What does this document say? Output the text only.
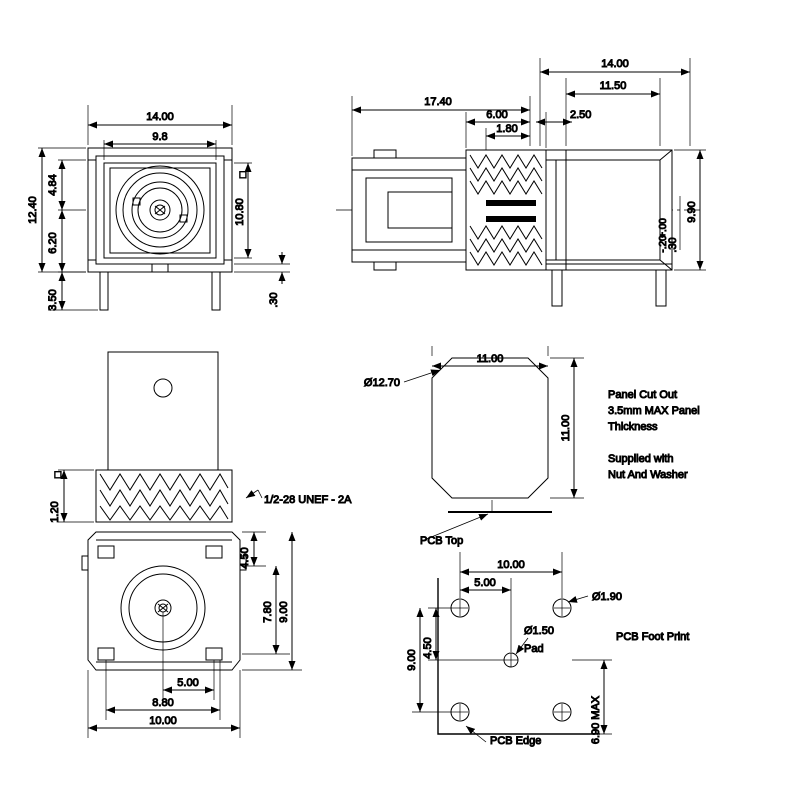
14.00
9.8
12.40
4.84
6.20
3.50
10.80
□
.30
14.00
11.50
17.40
6.00	2.50
1.80
9.90
.30
+.00
-.20
1/2-28 UNEF - 2A
1.20
□
4.50
7.80 9.00
5.00
8.80
10.00
11.00
11.00
Ø12.70
PCB Top
Panel Cut Out
3.5mm MAX Panel
Thickness
Supplied with
Nut And Washer
10.00
5.00
4.50
9.00
6.90 MAX
Ø1.90
Ø1.50
Pad
PCB Edge
PCB Foot Print
